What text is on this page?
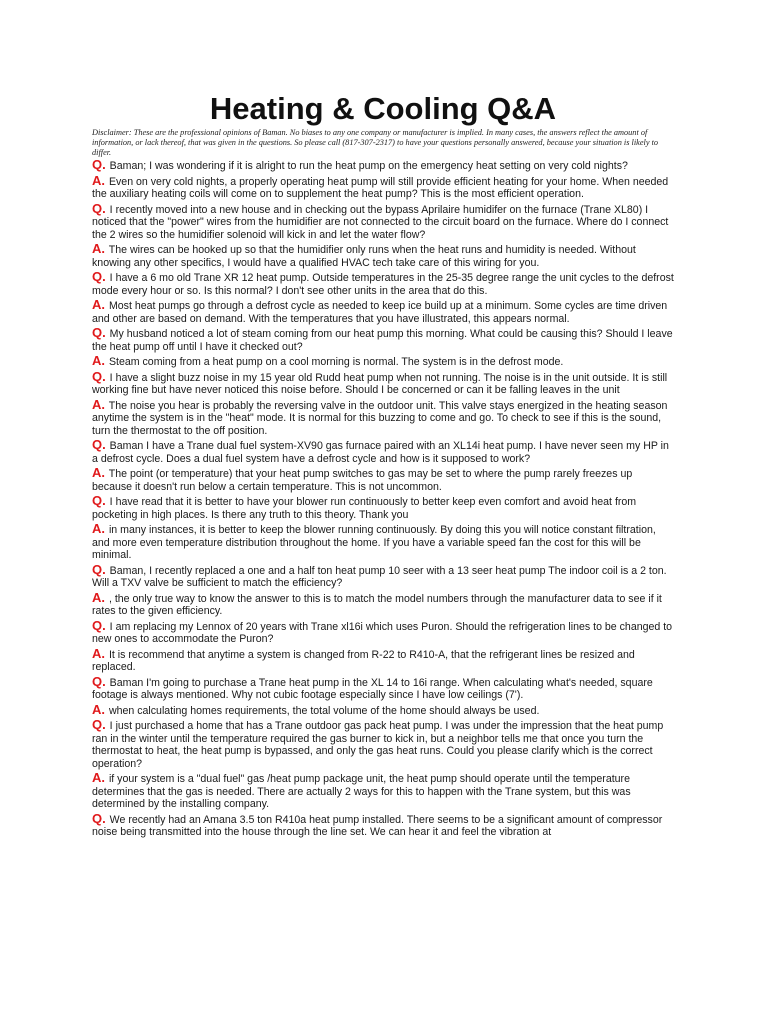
Heating & Cooling Q&A

Disclaimer: These are the professional opinions of Baman. No biases to any one company or manufacturer is implied. In many cases, the answers reflect the amount of information, or lack thereof, that was given in the questions. So please call (817-307-2317) to have your questions personally answered, because your situation is likely to differ.

Q. Baman; I was wondering if it is alright to run the heat pump on the emergency heat setting on very cold nights?

A. Even on very cold nights, a properly operating heat pump will still provide efficient heating for your home. When needed the auxiliary heating coils will come on to supplement the heat pump? This is the most efficient operation.

Q. I recently moved into a new house and in checking out the bypass Aprilaire humidifer on the furnace (Trane XL80) I noticed that the "power" wires from the humidifier are not connected to the circuit board on the furnace. Where do I connect the 2 wires so the humidifier solenoid will kick in and let the water flow?

A. The wires can be hooked up so that the humidifier only runs when the heat runs and humidity is needed. Without knowing any other specifics, I would have a qualified HVAC tech take care of this wiring for you.

Q. I have a 6 mo old Trane XR 12 heat pump. Outside temperatures in the 25-35 degree range the unit cycles to the defrost mode every hour or so. Is this normal? I don't see other units in the area that do this.

A. Most heat pumps go through a defrost cycle as needed to keep ice build up at a minimum. Some cycles are time driven and other are based on demand. With the temperatures that you have illustrated, this appears normal.

Q. My husband noticed a lot of steam coming from our heat pump this morning. What could be causing this? Should I leave the heat pump off until I have it checked out?

A. Steam coming from a heat pump on a cool morning is normal. The system is in the defrost mode.

Q. I have a slight buzz noise in my 15 year old Rudd heat pump when not running. The noise is in the unit outside. It is still working fine but have never noticed this noise before. Should I be concerned or can it be falling leaves in the unit

A. The noise you hear is probably the reversing valve in the outdoor unit. This valve stays energized in the heating season anytime the system is in the "heat" mode. It is normal for this buzzing to come and go. To check to see if this is the sound, turn the thermostat to the off position.

Q. Baman I have a Trane dual fuel system-XV90 gas furnace paired with an XL14i heat pump. I have never seen my HP in a defrost cycle. Does a dual fuel system have a defrost cycle and how is it supposed to work?

A. The point (or temperature) that your heat pump switches to gas may be set to where the pump rarely freezes up because it doesn't run below a certain temperature. This is not uncommon.

Q. I have read that it is better to have your blower run continuously to better keep even comfort and avoid heat from pocketing in high places. Is there any truth to this theory. Thank you

A. in many instances, it is better to keep the blower running continuously. By doing this you will notice constant filtration, and more even temperature distribution throughout the home. If you have a variable speed fan the cost for this will be minimal.

Q. Baman, I recently replaced a one and a half ton heat pump 10 seer with a 13 seer heat pump The indoor coil is a 2 ton. Will a TXV valve be sufficient to match the efficiency?

A. , the only true way to know the answer to this is to match the model numbers through the manufacturer data to see if it rates to the given efficiency.

Q. I am replacing my Lennox of 20 years with Trane xl16i which uses Puron. Should the refrigeration lines to be changed to new ones to accommodate the Puron?

A. It is recommend that anytime a system is changed from R-22 to R410-A, that the refrigerant lines be resized and replaced.

Q. Baman I'm going to purchase a Trane heat pump in the XL 14 to 16i range. When calculating what's needed, square footage is always mentioned. Why not cubic footage especially since I have low ceilings (7').

A. when calculating homes requirements, the total volume of the home should always be used.

Q. I just purchased a home that has a Trane outdoor gas pack heat pump. I was under the impression that the heat pump ran in the winter until the temperature required the gas burner to kick in, but a neighbor tells me that once you turn the thermostat to heat, the heat pump is bypassed, and only the gas heat runs. Could you please clarify which is the correct operation?

A. if your system is a "dual fuel" gas /heat pump package unit, the heat pump should operate until the temperature determines that the gas is needed. There are actually 2 ways for this to happen with the Trane system, but this was determined by the installing company.

Q. We recently had an Amana 3.5 ton R410a heat pump installed. There seems to be a significant amount of compressor noise being transmitted into the house through the line set. We can hear it and feel the vibration at
